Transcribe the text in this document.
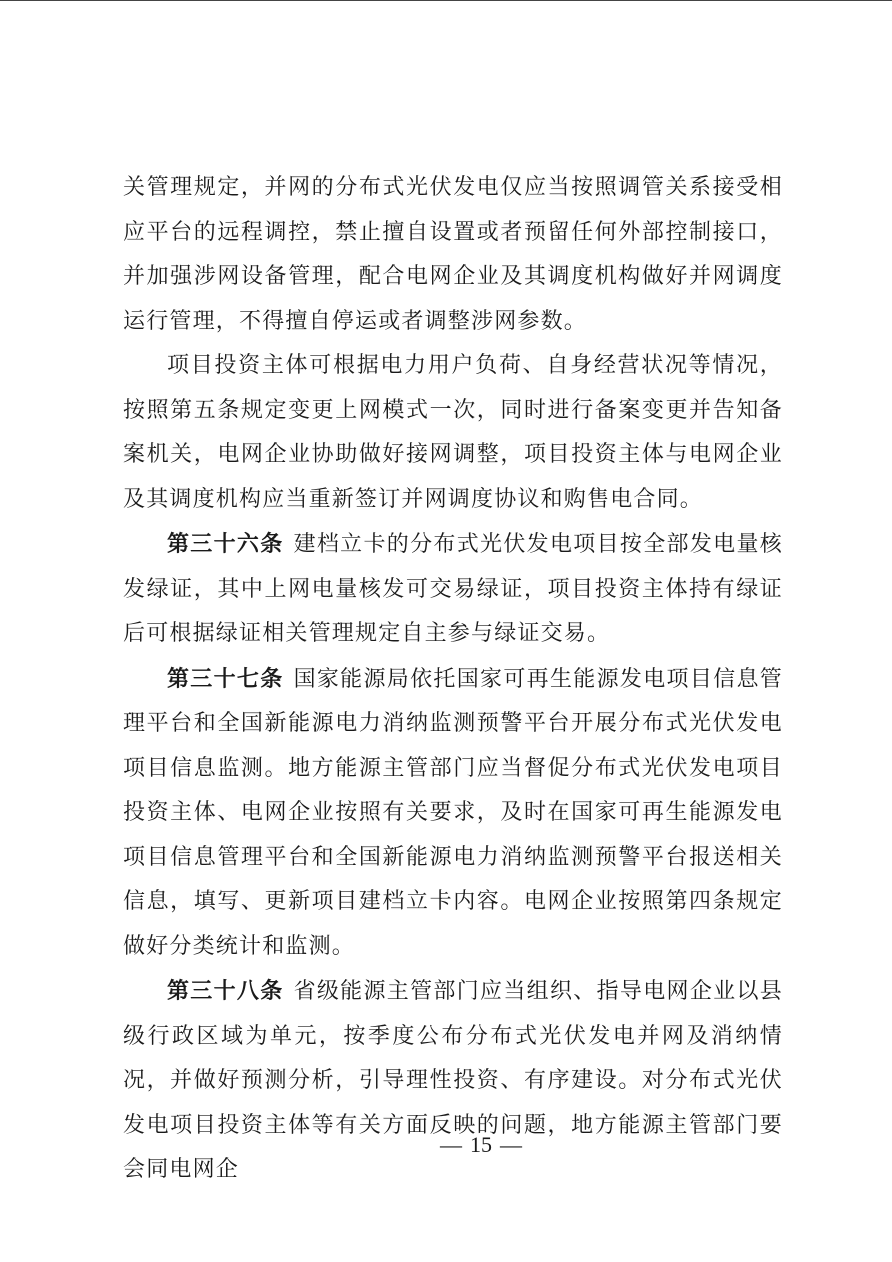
关管理规定，并网的分布式光伏发电仅应当按照调管关系接受相应平台的远程调控，禁止擅自设置或者预留任何外部控制接口，并加强涉网设备管理，配合电网企业及其调度机构做好并网调度运行管理，不得擅自停运或者调整涉网参数。

项目投资主体可根据电力用户负荷、自身经营状况等情况，按照第五条规定变更上网模式一次，同时进行备案变更并告知备案机关，电网企业协助做好接网调整，项目投资主体与电网企业及其调度机构应当重新签订并网调度协议和购售电合同。

第三十六条 建档立卡的分布式光伏发电项目按全部发电量核发绿证，其中上网电量核发可交易绿证，项目投资主体持有绿证后可根据绿证相关管理规定自主参与绿证交易。

第三十七条 国家能源局依托国家可再生能源发电项目信息管理平台和全国新能源电力消纳监测预警平台开展分布式光伏发电项目信息监测。地方能源主管部门应当督促分布式光伏发电项目投资主体、电网企业按照有关要求，及时在国家可再生能源发电项目信息管理平台和全国新能源电力消纳监测预警平台报送相关信息，填写、更新项目建档立卡内容。电网企业按照第四条规定做好分类统计和监测。

第三十八条 省级能源主管部门应当组织、指导电网企业以县级行政区域为单元，按季度公布分布式光伏发电并网及消纳情况，并做好预测分析，引导理性投资、有序建设。对分布式光伏发电项目投资主体等有关方面反映的问题，地方能源主管部门要会同电网企

— 15 —
